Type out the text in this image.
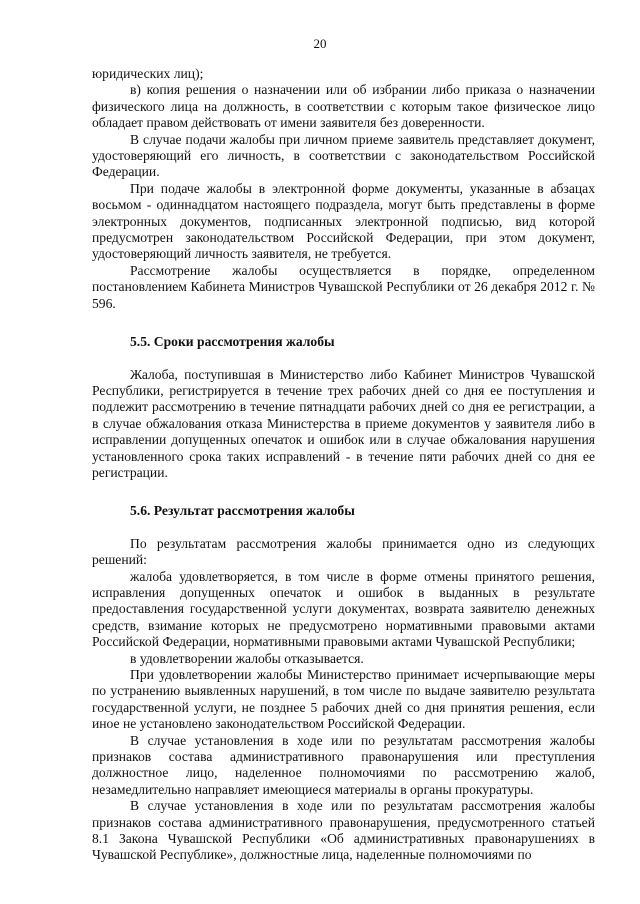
20

юридических лиц);

в) копия решения о назначении или об избрании либо приказа о назначении физического лица на должность, в соответствии с которым такое физическое лицо обладает правом действовать от имени заявителя без доверенности.

В случае подачи жалобы при личном приеме заявитель представляет документ, удостоверяющий его личность, в соответствии с законодательством Российской Федерации.

При подаче жалобы в электронной форме документы, указанные в абзацах восьмом - одиннадцатом настоящего подраздела, могут быть представлены в форме электронных документов, подписанных электронной подписью, вид которой предусмотрен законодательством Российской Федерации, при этом документ, удостоверяющий личность заявителя, не требуется.

Рассмотрение жалобы осуществляется в порядке, определенном постановлением Кабинета Министров Чувашской Республики от 26 декабря 2012 г. № 596.

5.5. Сроки рассмотрения жалобы

Жалоба, поступившая в Министерство либо Кабинет Министров Чувашской Республики, регистрируется в течение трех рабочих дней со дня ее поступления и подлежит рассмотрению в течение пятнадцати рабочих дней со дня ее регистрации, а в случае обжалования отказа Министерства в приеме документов у заявителя либо в исправлении допущенных опечаток и ошибок или в случае обжалования нарушения установленного срока таких исправлений - в течение пяти рабочих дней со дня ее регистрации.

5.6. Результат рассмотрения жалобы

По результатам рассмотрения жалобы принимается одно из следующих решений:

жалоба удовлетворяется, в том числе в форме отмены принятого решения, исправления допущенных опечаток и ошибок в выданных в результате предоставления государственной услуги документах, возврата заявителю денежных средств, взимание которых не предусмотрено нормативными правовыми актами Российской Федерации, нормативными правовыми актами Чувашской Республики;

в удовлетворении жалобы отказывается.

При удовлетворении жалобы Министерство принимает исчерпывающие меры по устранению выявленных нарушений, в том числе по выдаче заявителю результата государственной услуги, не позднее 5 рабочих дней со дня принятия решения, если иное не установлено законодательством Российской Федерации.

В случае установления в ходе или по результатам рассмотрения жалобы признаков состава административного правонарушения или преступления должностное лицо, наделенное полномочиями по рассмотрению жалоб, незамедлительно направляет имеющиеся материалы в органы прокуратуры.

В случае установления в ходе или по результатам рассмотрения жалобы признаков состава административного правонарушения, предусмотренного статьей 8.1 Закона Чувашской Республики «Об административных правонарушениях в Чувашской Республике», должностные лица, наделенные полномочиями по
